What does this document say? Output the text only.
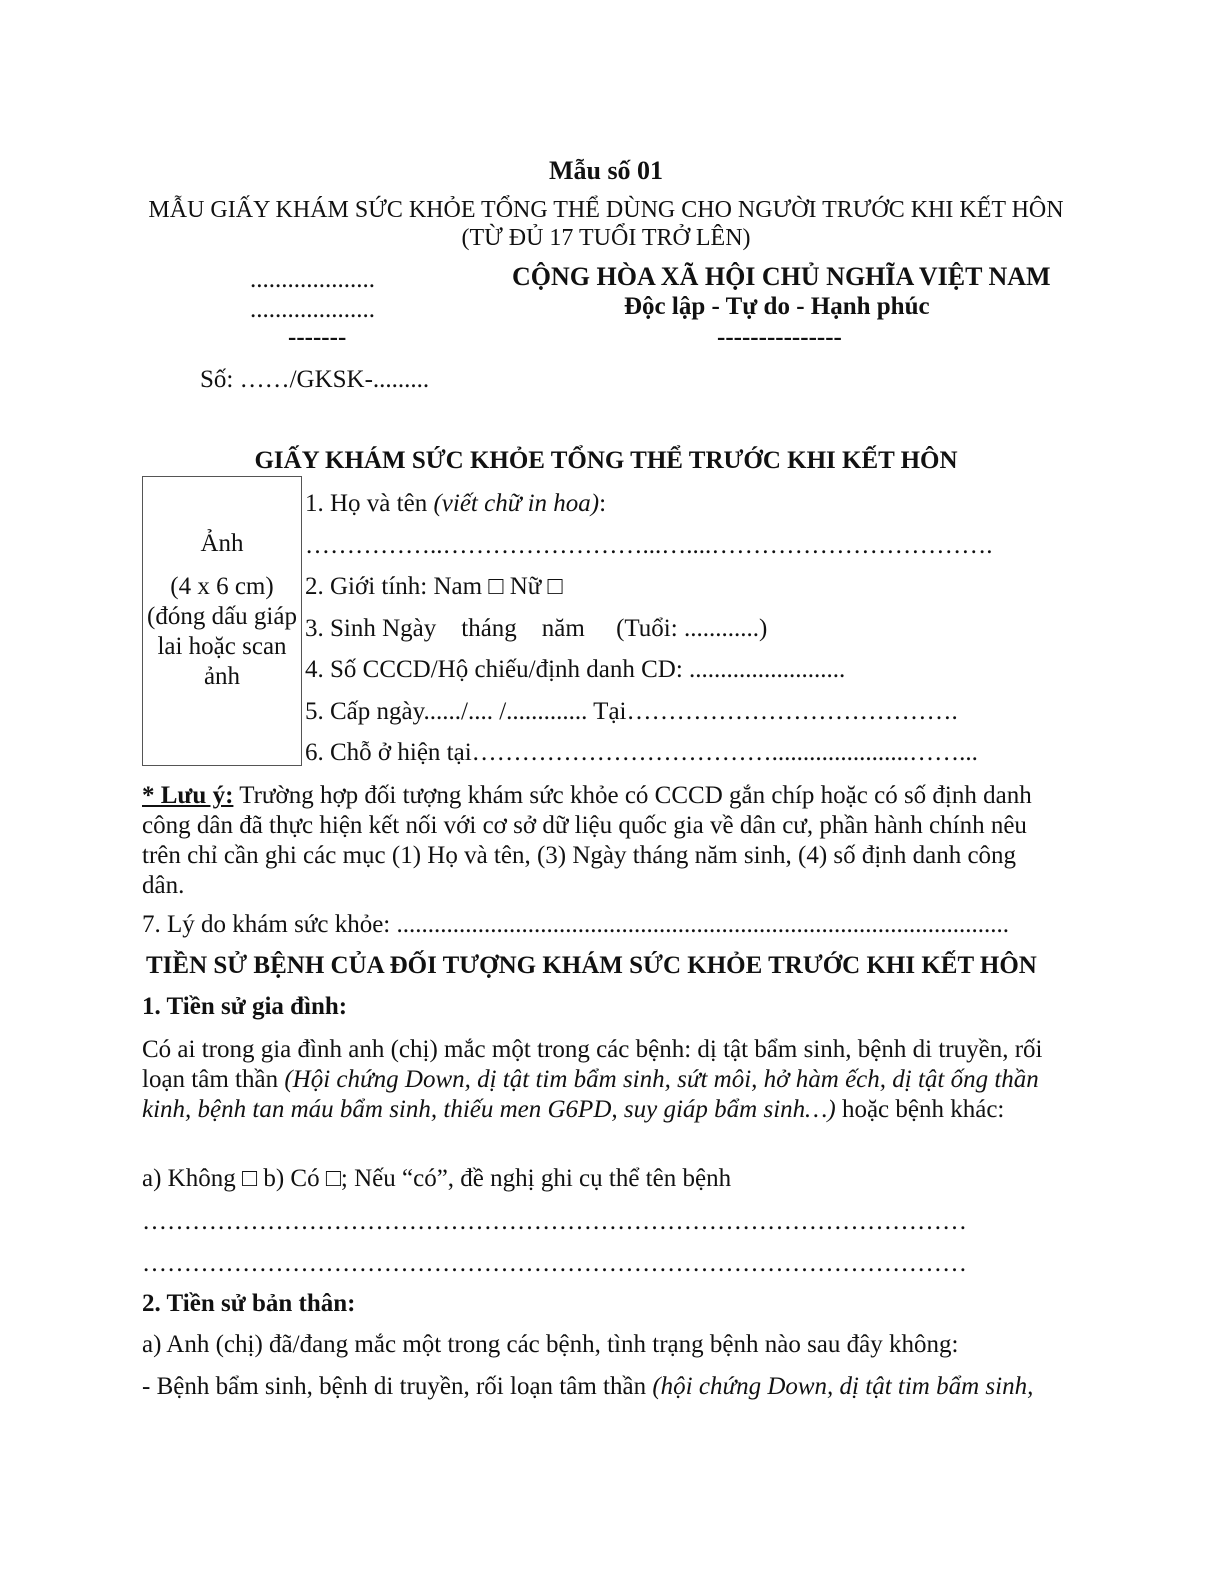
Mẫu số 01
MẪU GIẤY KHÁM SỨC KHỎE TỔNG THỂ DÙNG CHO NGƯỜI TRƯỚC KHI KẾT HÔN
(TỪ ĐỦ 17 TUỔI TRỞ LÊN)
....................
....................
-------
CỘNG HÒA XÃ HỘI CHỦ NGHĨA VIỆT NAM
Độc lập - Tự do - Hạnh phúc
---------------
Số: ……/GKSK-.........
GIẤY KHÁM SỨC KHỎE TỔNG THỂ TRƯỚC KHI KẾT HÔN
Ảnh
(4 x 6 cm)
(đóng dấu giáp
lai hoặc scan
ảnh
1. Họ và tên (viết chữ in hoa):
……………..……………………...…....…………………………….
2. Giới tính: Nam □ Nữ □
3. Sinh Ngày    tháng    năm     (Tuổi: ............)
4. Số CCCD/Hộ chiếu/định danh CD: .........................
5. Cấp ngày....../.... /............. Tại………………………………….
6. Chỗ ở hiện tại………………………………......................……...
* Lưu ý: Trường hợp đối tượng khám sức khỏe có CCCD gắn chíp hoặc có số định danh công dân đã thực hiện kết nối với cơ sở dữ liệu quốc gia về dân cư, phần hành chính nêu trên chỉ cần ghi các mục (1) Họ và tên, (3) Ngày tháng năm sinh, (4) số định danh công dân.
7. Lý do khám sức khỏe: ..................................................................................................
TIỀN SỬ BỆNH CỦA ĐỐI TƯỢNG KHÁM SỨC KHỎE TRƯỚC KHI KẾT HÔN
1. Tiền sử gia đình:
Có ai trong gia đình anh (chị) mắc một trong các bệnh: dị tật bẩm sinh, bệnh di truyền, rối loạn tâm thần (Hội chứng Down, dị tật tim bẩm sinh, sứt môi, hở hàm ếch, dị tật ống thần kinh, bệnh tan máu bẩm sinh, thiếu men G6PD, suy giáp bẩm sinh…) hoặc bệnh khác:
a) Không □ b) Có □; Nếu “có”, đề nghị ghi cụ thể tên bệnh
………………………………………………………………………………………
………………………………………………………………………………………
2. Tiền sử bản thân:
a) Anh (chị) đã/đang mắc một trong các bệnh, tình trạng bệnh nào sau đây không:
- Bệnh bẩm sinh, bệnh di truyền, rối loạn tâm thần (hội chứng Down, dị tật tim bẩm sinh,
